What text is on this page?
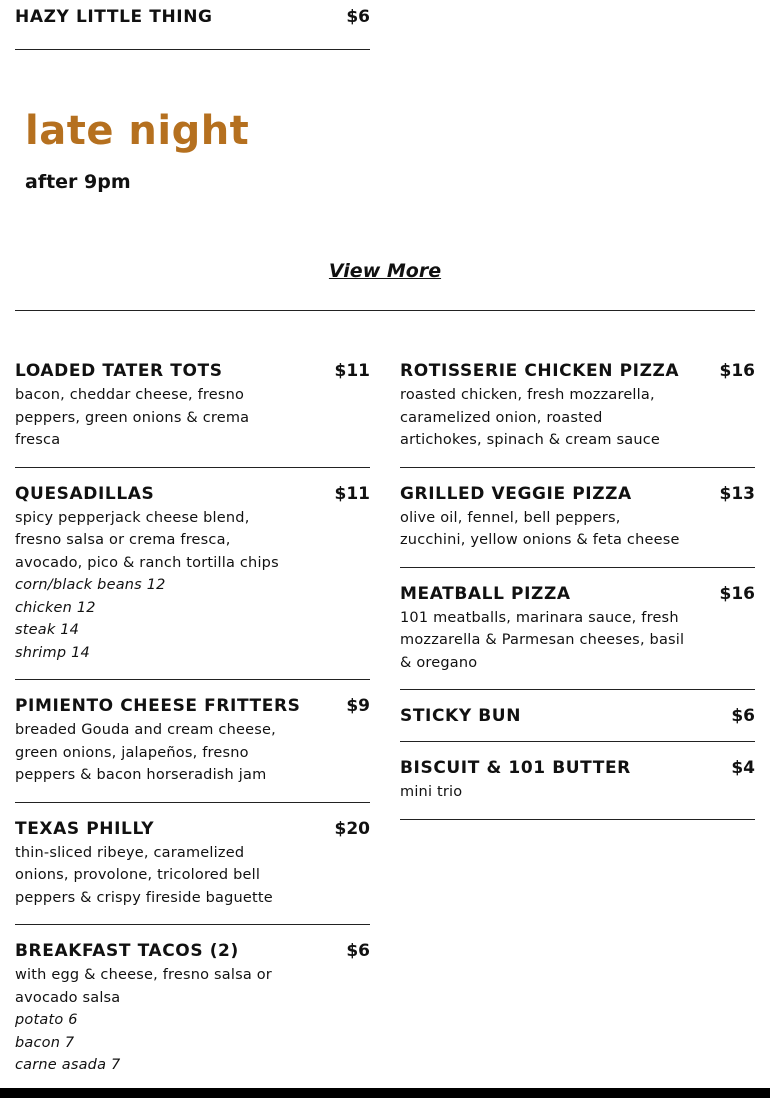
HAZY LITTLE THING	$6
late night
after 9pm
View More
LOADED TATER TOTS	$11
bacon, cheddar cheese, fresno peppers, green onions & crema fresca
QUESADILLAS	$11
spicy pepperjack cheese blend, fresno salsa or crema fresca, avocado, pico & ranch tortilla chips
corn/black beans 12
chicken 12
steak 14
shrimp 14
PIMIENTO CHEESE FRITTERS	$9
breaded Gouda and cream cheese, green onions, jalapeños, fresno peppers & bacon horseradish jam
TEXAS PHILLY	$20
thin-sliced ribeye, caramelized onions, provolone, tricolored bell peppers & crispy fireside baguette
BREAKFAST TACOS (2)	$6
with egg & cheese, fresno salsa or avocado salsa
potato 6
bacon 7
carne asada 7
ROTISSERIE CHICKEN PIZZA $16
roasted chicken, fresh mozzarella, caramelized onion, roasted artichokes, spinach & cream sauce
GRILLED VEGGIE PIZZA	$13
olive oil, fennel, bell peppers, zucchini, yellow onions & feta cheese
MEATBALL PIZZA	$16
101 meatballs, marinara sauce, fresh mozzarella & Parmesan cheeses, basil & oregano
STICKY BUN	$6
BISCUIT & 101 BUTTER	$4
mini trio
